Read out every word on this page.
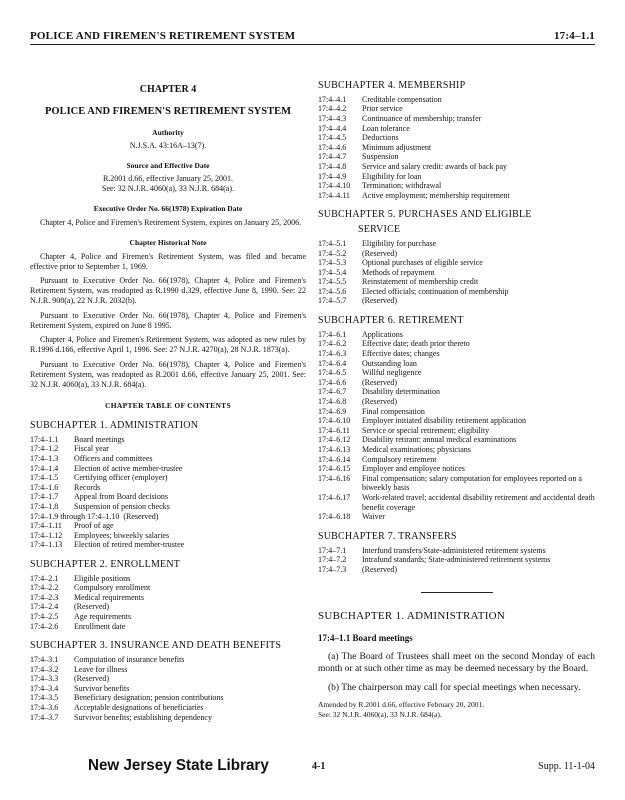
POLICE AND FIREMEN'S RETIREMENT SYSTEM	17:4–1.1
CHAPTER 4
POLICE AND FIREMEN'S RETIREMENT SYSTEM
Authority
N.J.S.A. 43:16A–13(7).
Source and Effective Date
R.2001 d.66, effective January 25, 2001.
See: 32 N.J.R. 4060(a), 33 N.J.R. 684(a).
Executive Order No. 66(1978) Expiration Date
Chapter 4, Police and Firemen's Retirement System, expires on January 25, 2006.
Chapter Historical Note
Chapter 4, Police and Firemen's Retirement System, was filed and became effective prior to September 1, 1969.
Pursuant to Executive Order No. 66(1978), Chapter 4, Police and Firemen's Retirement System, was readopted as R.1990 d.329, effective June 8, 1990. See: 22 N.J.R. 908(a), 22 N.J.R. 2032(b).
Pursuant to Executive Order No. 66(1978), Chapter 4, Police and Firemen's Retirement System, expired on June 8 1995.
Chapter 4, Police and Firemen's Retirement System, was adopted as new rules by R.1996 d.166, effective April 1, 1996. See: 27 N.J.R. 4270(a), 28 N.J.R. 1873(a).
Pursuant to Executive Order No. 66(1978), Chapter 4, Police and Firemen's Retirement System, was readopted as R.2001 d.66, effective January 25, 2001. See: 32 N.J.R. 4060(a), 33 N.J.R. 684(a).
CHAPTER TABLE OF CONTENTS
SUBCHAPTER 1. ADMINISTRATION
17:4–1.1	Board meetings
17:4–1.2	Fiscal year
17:4–1.3	Officers and committees
17:4–1.4	Election of active member-trustee
17:4–1.5	Certifying officer (employer)
17:4–1.6	Records
17:4–1.7	Appeal from Board decisions
17:4–1.8	Suspension of pension checks
17:4–1.9 through 17:4–1.10 (Reserved)
17:4–1.11	Proof of age
17:4–1.12	Employees; biweekly salaries
17:4–1.13	Election of retired member-trustee
SUBCHAPTER 2. ENROLLMENT
17:4–2.1	Eligible positions
17:4–2.2	Compulsory enrollment
17:4–2.3	Medical requirements
17:4–2.4	(Reserved)
17:4–2.5	Age requirements
17:4–2.6	Enrollment date
SUBCHAPTER 3. INSURANCE AND DEATH BENEFITS
17:4–3.1	Computation of insurance benefits
17:4–3.2	Leave for illness
17:4–3.3	(Reserved)
17:4–3.4	Survivor benefits
17:4–3.5	Beneficiary designation; pension contributions
17:4–3.6	Acceptable designations of beneficiaries
17:4–3.7	Survivor benefits; establishing dependency
SUBCHAPTER 4. MEMBERSHIP
17:4–4.1	Creditable compensation
17:4–4.2	Prior service
17:4–4.3	Continuance of membership; transfer
17:4–4.4	Loan tolerance
17:4–4.5	Deductions
17:4–4.6	Minimum adjustment
17:4–4.7	Suspension
17:4–4.8	Service and salary credit: awards of back pay
17:4–4.9	Eligibility for loan
17:4–4.10	Termination; withdrawal
17:4–4.11	Active employment; membership requirement
SUBCHAPTER 5. PURCHASES AND ELIGIBLE
SERVICE
17:4–5.1	Eligibility for purchase
17:4–5.2	(Reserved)
17:4–5.3	Optional purchases of eligible service
17:4–5.4	Methods of repayment
17:4–5.5	Reinstatement of membership credit
17:4–5.6	Elected officials; continuation of membership
17:4–5.7	(Reserved)
SUBCHAPTER 6. RETIREMENT
17:4–6.1	Applications
17:4–6.2	Effective date; death prior thereto
17:4–6.3	Effective dates; changes
17:4–6.4	Outstanding loan
17:4–6.5	Willful negligence
17:4–6.6	(Reserved)
17:4–6.7	Disability determination
17:4–6.8	(Reserved)
17:4–6.9	Final compensation
17:4–6.10	Employer initiated disability retirement application
17:4–6.11	Service or special retirement; eligibility
17:4–6.12	Disability retirant: annual medical examinations
17:4–6.13	Medical examinations; physicians
17:4–6.14	Compulsory retirement
17:4–6.15	Employer and employee notices
17:4–6.16	Final compensation; salary computation for employees reported on a biweekly basis
17:4–6.17	Work-related travel; accidental disability retirement and accidental death benefit coverage
17:4–6.18	Waiver
SUBCHAPTER 7. TRANSFERS
17:4–7.1	Interfund transfers/State-administered retirement systems
17:4–7.2	Intrafund standards; State-administered retirement systems
17:4–7.3	(Reserved)
SUBCHAPTER 1. ADMINISTRATION
17:4–1.1 Board meetings
(a) The Board of Trustees shall meet on the second Monday of each month or at such other time as may be deemed necessary by the Board.
(b) The chairperson may call for special meetings when necessary.
Amended by R.2001 d.66, effective February 20, 2001.
See: 32 N.J.R. 4060(a), 33 N.J.R. 684(a).
New Jersey State Library	4-1	Supp. 11-1-04
